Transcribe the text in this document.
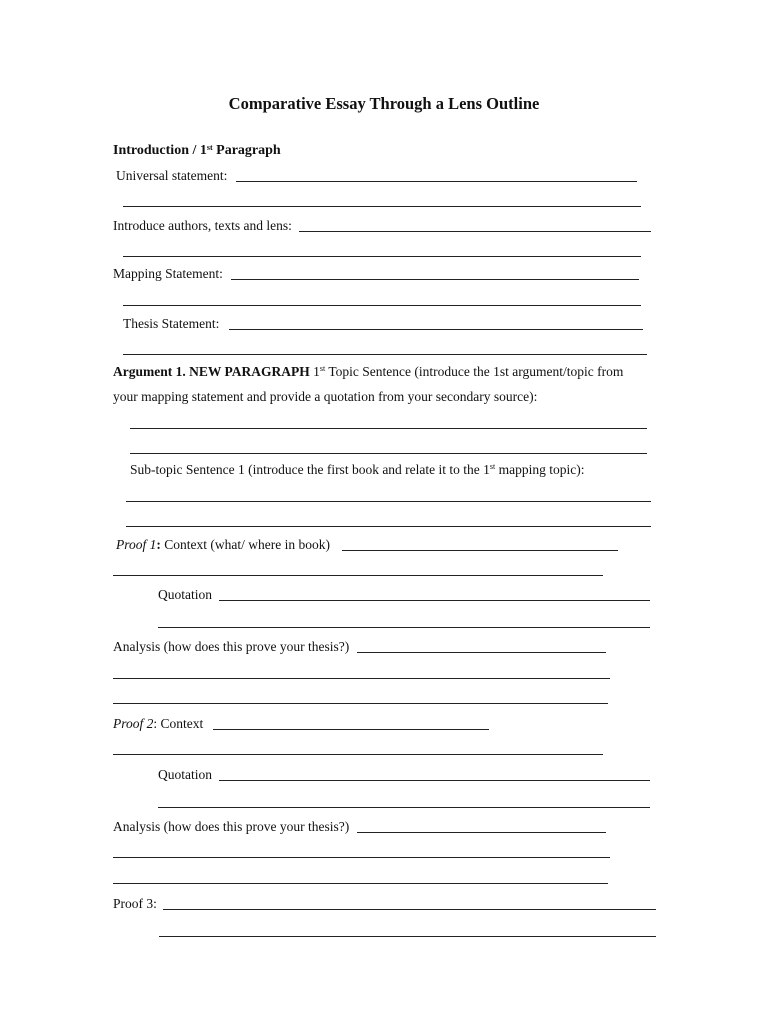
Comparative Essay Through a Lens Outline
Introduction / 1st Paragraph
Universal statement:
Introduce authors, texts and lens:
Mapping Statement:
Thesis Statement:
Argument 1. NEW PARAGRAPH 1st Topic Sentence (introduce the 1st argument/topic from
your mapping statement and provide a quotation from your secondary source):
Sub-topic Sentence 1 (introduce the first book and relate it to the 1st mapping topic):
Proof 1: Context (what/ where in book)
Quotation
Analysis (how does this prove your thesis?)
Proof 2: Context
Quotation
Analysis (how does this prove your thesis?)
Proof 3:
